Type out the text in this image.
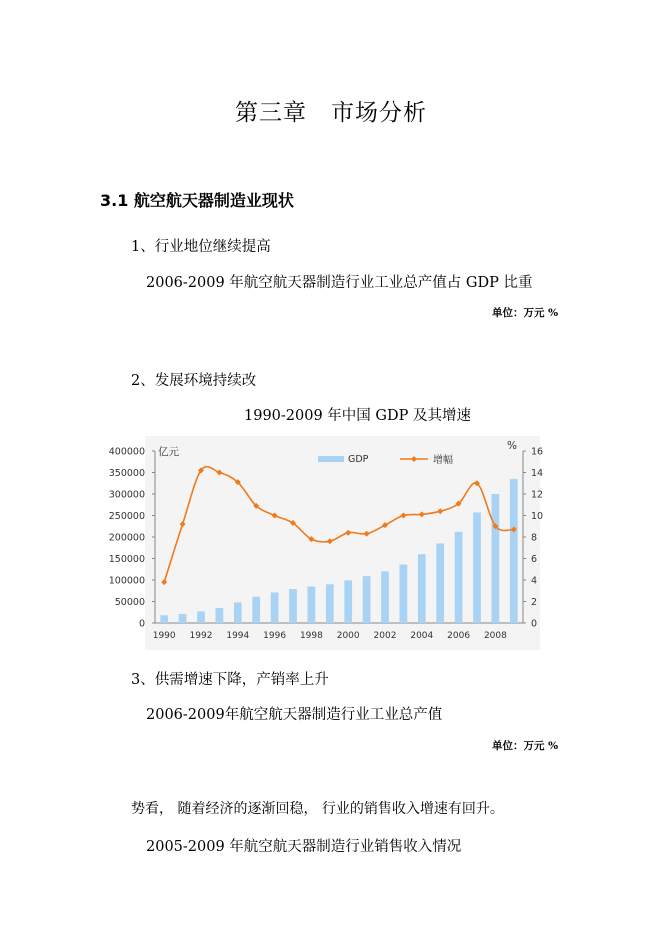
第三章　市场分析
3.1 航空航天器制造业现状
1、行业地位继续提高
2006-2009 年航空航天器制造行业工业总产值占 GDP 比重
单位：万元 %
2、发展环境持续改
1990-2009 年中国 GDP 及其增速
0
50000
100000
150000
200000
250000
300000
350000
400000
0
2
4
6
8
10
12
14
16
1990 1992 1994 1996 1998 2000 2002 2004 2006 2008
亿元	%
GDP	增幅
3、供需增速下降，产销率上升
2006-2009年航空航天器制造行业工业总产值
单位：万元 %
势看， 随着经济的逐渐回稳， 行业的销售收入增速有回升。
2005-2009 年航空航天器制造行业销售收入情况
